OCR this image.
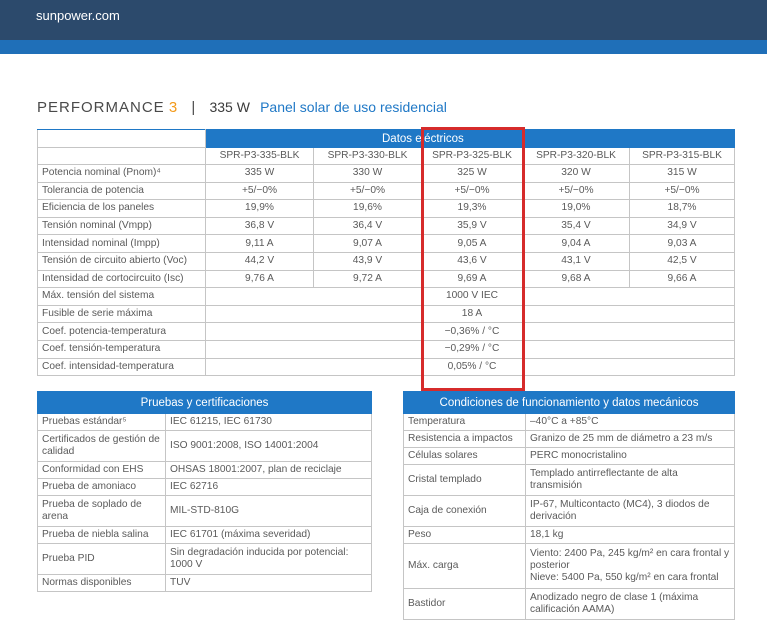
sunpower.com
PERFORMANCE 3 | 335 W Panel solar de uso residencial
	Datos eléctricos				
	SPR-P3-335-BLK	SPR-P3-330-BLK	SPR-P3-325-BLK	SPR-P3-320-BLK	SPR-P3-315-BLK
Potencia nominal (Pnom)⁴	335 W	330 W	325 W	320 W	315 W
Tolerancia de potencia	+5/−0%	+5/−0%	+5/−0%	+5/−0%	+5/−0%
Eficiencia de los paneles	19,9%	19,6%	19,3%	19,0%	18,7%
Tensión nominal (Vmpp)	36,8 V	36,4 V	35,9 V	35,4 V	34,9 V
Intensidad nominal (Impp)	9,11 A	9,07 A	9,05 A	9,04 A	9,03 A
Tensión de circuito abierto (Voc)	44,2 V	43,9 V	43,6 V	43,1 V	42,5 V
Intensidad de cortocircuito (Isc)	9,76 A	9,72 A	9,69 A	9,68 A	9,66 A
Máx. tensión del sistema			1000 V IEC		
Fusible de serie máxima			18 A		
Coef. potencia-temperatura			−0,36% / °C		
Coef. tensión-temperatura			−0,29% / °C		
Coef. intensidad-temperatura			0,05% / °C		
Pruebas y certificaciones	
Pruebas estándar⁵	IEC 61215, IEC 61730
Certificados de gestión de calidad	ISO 9001:2008, ISO 14001:2004
Conformidad con EHS	OHSAS 18001:2007, plan de reciclaje
Prueba de amoniaco	IEC 62716
Prueba de soplado de arena	MIL-STD-810G
Prueba de niebla salina	IEC 61701 (máxima severidad)
Prueba PID	Sin degradación inducida por potencial: 1000 V
Normas disponibles	TUV
Condiciones de funcionamiento y datos mecánicos	
Temperatura	–40°C a +85°C
Resistencia a impactos	Granizo de 25 mm de diámetro a 23 m/s
Células solares	PERC monocristalino
Cristal templado	Templado antirreflectante de alta transmisión
Caja de conexión	IP-67, Multicontacto (MC4), 3 diodos de derivación
Peso	18,1 kg
Máx. carga	Viento: 2400 Pa, 245 kg/m² en cara frontal y posterior
Nieve: 5400 Pa, 550 kg/m² en cara frontal

Bastidor	Anodizado negro de clase 1 (máxima calificación AAMA)
